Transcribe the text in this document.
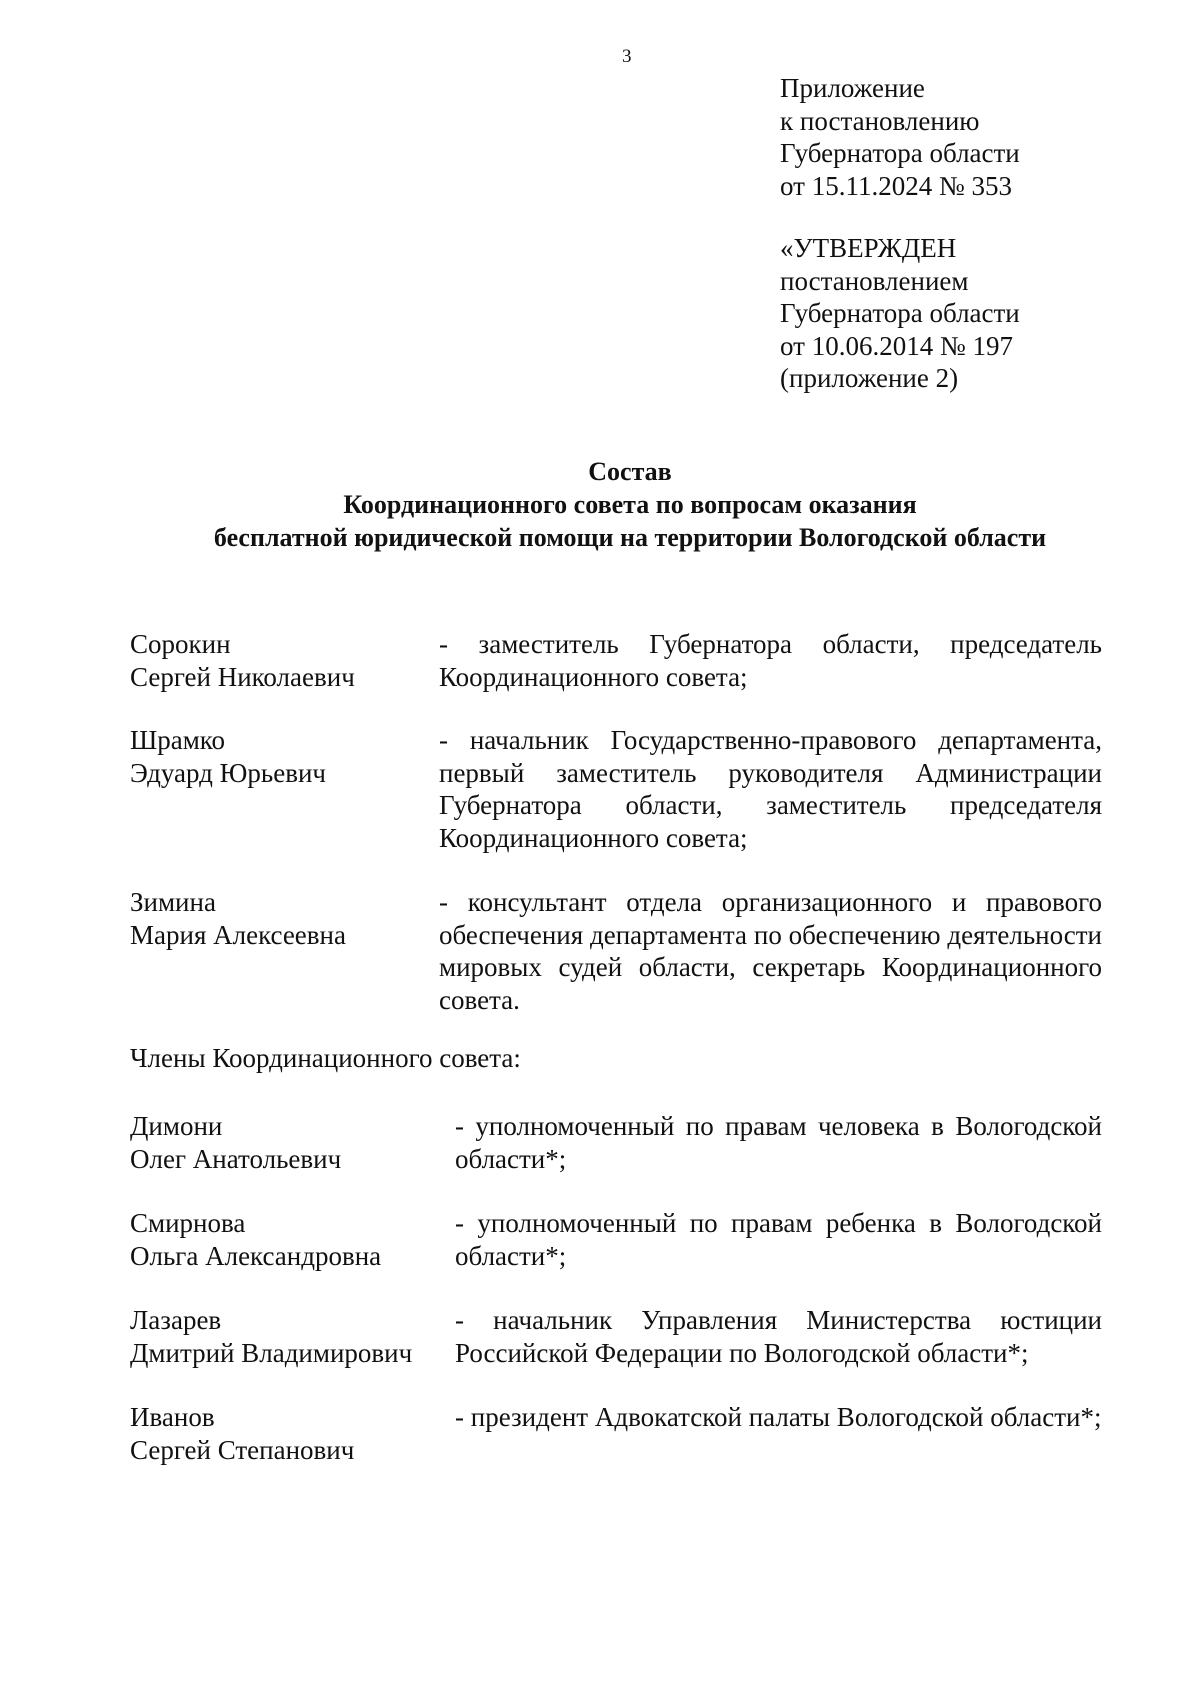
3
Приложение
к постановлению
Губернатора области
от 15.11.2024 № 353
«УТВЕРЖДЕН
постановлением
Губернатора области
от 10.06.2014 № 197
(приложение 2)
Состав
Координационного совета по вопросам оказания
бесплатной юридической помощи на территории Вологодской области
Сорокин
Сергей Николаевич
- заместитель Губернатора области, председатель Координационного совета;
Шрамко
Эдуард Юрьевич
- начальник Государственно-правового департамента, первый заместитель руководителя Администрации Губернатора области, заместитель председателя Координационного совета;
Зимина
Мария Алексеевна
- консультант отдела организационного и правового обеспечения департамента по обеспечению деятельности мировых судей области, секретарь Координационного совета.
Члены Координационного совета:
Димони
Олег Анатольевич
- уполномоченный по правам человека в Вологодской области*;
Смирнова
Ольга Александровна
- уполномоченный по правам ребенка в Вологодской области*;
Лазарев
Дмитрий Владимирович
- начальник Управления Министерства юстиции Российской Федерации по Вологодской области*;
Иванов
Сергей Степанович
- президент Адвокатской палаты Вологодской области*;
